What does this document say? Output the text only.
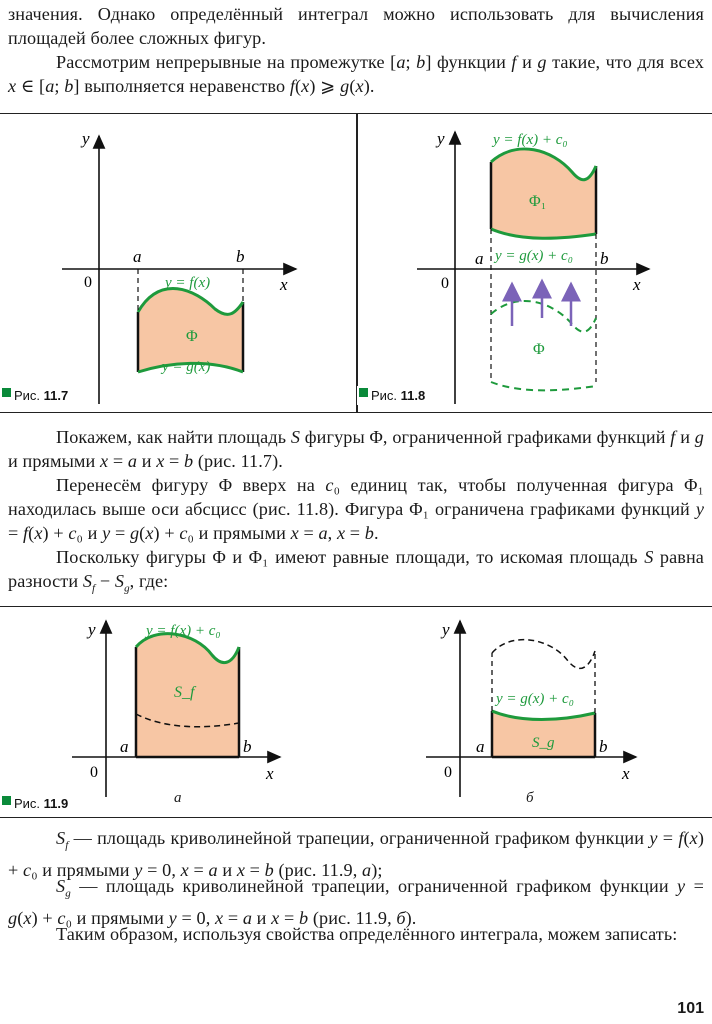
значения. Однако определённый интеграл можно использовать для вычисления площадей более сложных фигур.

Рассмотрим непрерывные на промежутке [a; b] функции f и g такие, что для всех x ∈ [a; b] выполняется неравенство f(x) ⩾ g(x).

y
0	x
a	b
y = f(x)
Φ
y = g(x)
Рис. 11.7
y
0	x
a	b
y = f(x) + c₀
Φ₁
y = g(x) + c₀
Φ
Рис. 11.8

Покажем, как найти площадь S фигуры Φ, ограниченной графиками функций f и g и прямыми x = a и x = b (рис. 11.7).

Перенесём фигуру Φ вверх на c₀ единиц так, чтобы полученная фигура Φ₁ находилась выше оси абсцисс (рис. 11.8). Фигура Φ₁ ограничена графиками функций y = f(x) + c₀ и y = g(x) + c₀ и прямыми x = a, x = b.

Поскольку фигуры Φ и Φ₁ имеют равные площади, то искомая площадь S равна разности $S_f - S_g$, где:

y
0	x
a	b
y = f(x) + c₀
S_f
y
0	x
a	b
y = g(x) + c₀
S_g
а	б
Рис. 11.9

$S_f$ — площадь криволинейной трапеции, ограниченной графиком функции y = f(x) + c₀ и прямыми y = 0, x = a и x = b (рис. 11.9, а);

$S_g$ — площадь криволинейной трапеции, ограниченной графиком функции y = g(x) + c₀ и прямыми y = 0, x = a и x = b (рис. 11.9, б).

Таким образом, используя свойства определённого интеграла, можем записать:

101
